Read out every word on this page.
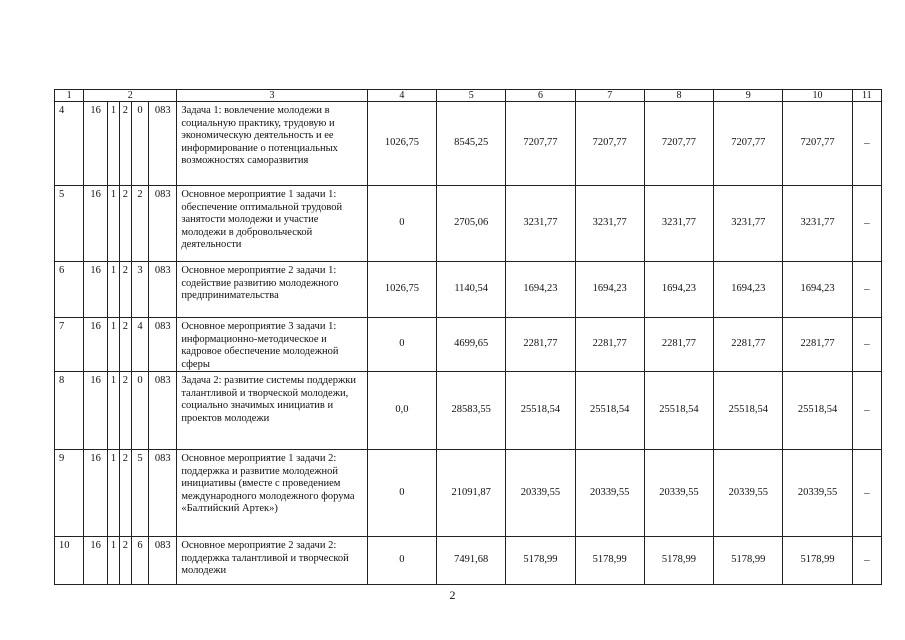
1	2					3	4	5	6	7	8	9	10	11
4	16	1	2	0	083	Задача 1: вовлечение молодежи в социальную практику, трудовую и экономическую деятельность и ее информирование о потенциальных возможностях саморазвития	1026,75	8545,25	7207,77	7207,77	7207,77	7207,77	7207,77	–
5	16	1	2	2	083	Основное мероприятие 1 задачи 1: обеспечение оптимальной трудовой занятости молодежи и участие молодежи в добровольческой деятельности	0	2705,06	3231,77	3231,77	3231,77	3231,77	3231,77	–
6	16	1	2	3	083	Основное мероприятие 2 задачи 1: содействие развитию молодежного предпринимательства	1026,75	1140,54	1694,23	1694,23	1694,23	1694,23	1694,23	–
7	16	1	2	4	083	Основное мероприятие 3 задачи 1: информационно-методическое и кадровое обеспечение молодежной сферы	0	4699,65	2281,77	2281,77	2281,77	2281,77	2281,77	–
8	16	1	2	0	083	Задача 2: развитие системы поддержки талантливой и творческой молодежи, социально значимых инициатив и проектов молодежи	0,0	28583,55	25518,54	25518,54	25518,54	25518,54	25518,54	–
9	16	1	2	5	083	Основное мероприятие 1 задачи 2: поддержка и развитие молодежной инициативы (вместе с проведением международного молодежного форума «Балтийский Артек»)	0	21091,87	20339,55	20339,55	20339,55	20339,55	20339,55	–
10	16	1	2	6	083	Основное мероприятие 2 задачи 2: поддержка талантливой и творческой молодежи	0	7491,68	5178,99	5178,99	5178,99	5178,99	5178,99	–
2
